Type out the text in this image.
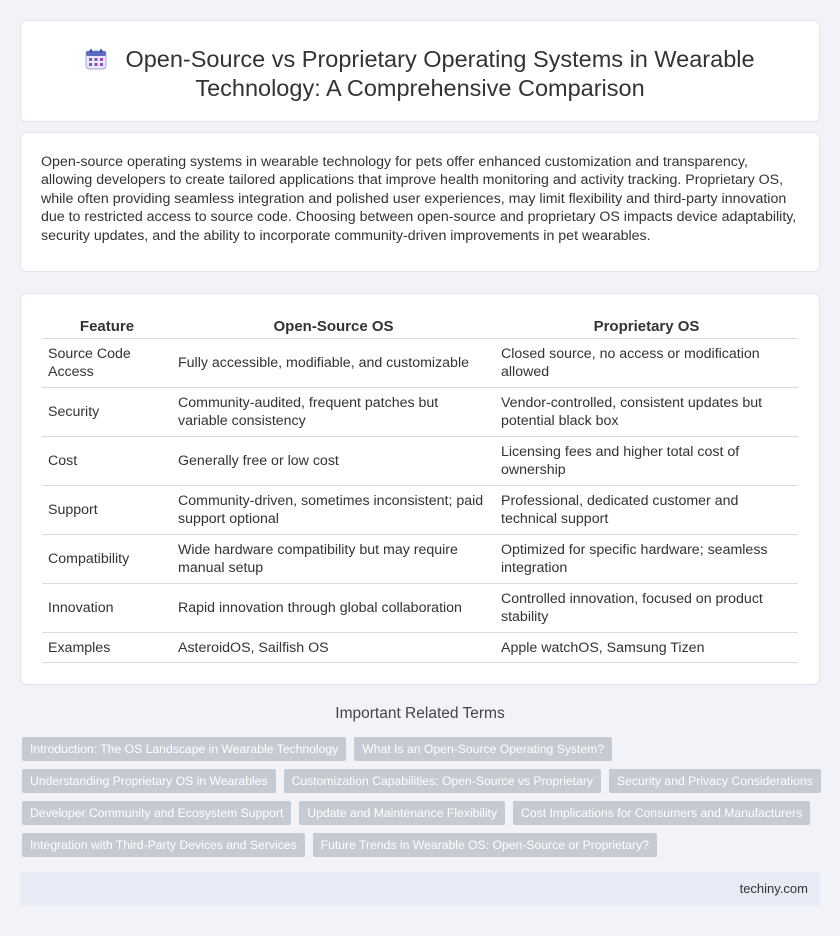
Open-Source vs Proprietary Operating Systems in Wearable
Technology: A Comprehensive Comparison

Open-source operating systems in wearable technology for pets offer enhanced customization and transparency, allowing developers to create tailored applications that improve health monitoring and activity tracking. Proprietary OS, while often providing seamless integration and polished user experiences, may limit flexibility and third-party innovation due to restricted access to source code. Choosing between open-source and proprietary OS impacts device adaptability, security updates, and the ability to incorporate community-driven improvements in pet wearables.

Feature	Open-Source OS	Proprietary OS
Source Code Access	Fully accessible, modifiable, and customizable	Closed source, no access or modification allowed
Security	Community-audited, frequent patches but variable consistency	Vendor-controlled, consistent updates but potential black box
Cost	Generally free or low cost	Licensing fees and higher total cost of ownership
Support	Community-driven, sometimes inconsistent; paid support optional	Professional, dedicated customer and technical support
Compatibility	Wide hardware compatibility but may require manual setup	Optimized for specific hardware; seamless integration
Innovation	Rapid innovation through global collaboration	Controlled innovation, focused on product stability
Examples	AsteroidOS, Sailfish OS	Apple watchOS, Samsung Tizen
Important Related Terms
Introduction: The OS Landscape in Wearable Technology	What Is an Open-Source Operating System?
Understanding Proprietary OS in Wearables	Customization Capabilities: Open-Source vs Proprietary	Security and Privacy Considerations
Developer Community and Ecosystem Support	Update and Maintenance Flexibility	Cost Implications for Consumers and Manufacturers
Integration with Third-Party Devices and Services	Future Trends in Wearable OS: Open-Source or Proprietary?
techiny.com
